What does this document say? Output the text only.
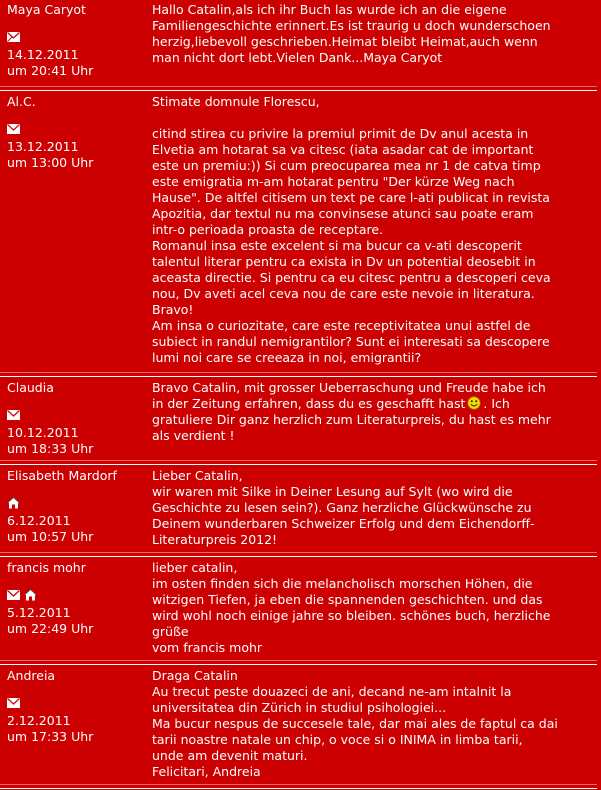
Maya Caryot
14.12.2011
um 20:41 Uhr
Hallo Catalin,als ich ihr Buch las wurde ich an die eigene
Familiengeschichte erinnert.Es ist traurig u doch wunderschoen
herzig,liebevoll geschrieben.Heimat bleibt Heimat,auch wenn
man nicht dort lebt.Vielen Dank...Maya Caryot
Al.C.
13.12.2011
um 13:00 Uhr
Stimate domnule Florescu,

citind stirea cu privire la premiul primit de Dv anul acesta in
Elvetia am hotarat sa va citesc (iata asadar cat de important
este un premiu:)) Si cum preocuparea mea nr 1 de catva timp
este emigratia m-am hotarat pentru "Der kürze Weg nach
Hause". De altfel citisem un text pe care l-ati publicat in revista
Apozitia, dar textul nu ma convinsese atunci sau poate eram
intr-o perioada proasta de receptare.
Romanul insa este excelent si ma bucur ca v-ati descoperit
talentul literar pentru ca exista in Dv un potential deosebit in
aceasta directie. Si pentru ca eu citesc pentru a descoperi ceva
nou, Dv aveti acel ceva nou de care este nevoie in literatura.
Bravo!
Am insa o curiozitate, care este receptivitatea unui astfel de
subiect in randul nemigrantilor? Sunt ei interesati sa descopere
lumi noi care se creeaza in noi, emigrantii?
Claudia
10.12.2011
um 18:33 Uhr
Bravo Catalin, mit grosser Ueberraschung und Freude habe ich
in der Zeitung erfahren, dass du es geschafft hast . Ich
gratuliere Dir ganz herzlich zum Literaturpreis, du hast es mehr
als verdient !
Elisabeth Mardorf
6.12.2011
um 10:57 Uhr
Lieber Catalin,
wir waren mit Silke in Deiner Lesung auf Sylt (wo wird die
Geschichte zu lesen sein?). Ganz herzliche Glückwünsche zu
Deinem wunderbaren Schweizer Erfolg und dem Eichendorff-
Literaturpreis 2012!
francis mohr
5.12.2011
um 22:49 Uhr
lieber catalin,
im osten finden sich die melancholisch morschen Höhen, die
witzigen Tiefen, ja eben die spannenden geschichten. und das
wird wohl noch einige jahre so bleiben. schönes buch, herzliche
grüße
vom francis mohr
Andreia
2.12.2011
um 17:33 Uhr
Draga Catalin
Au trecut peste douazeci de ani, decand ne-am intalnit la
universitatea din Zürich in studiul psihologiei...
Ma bucur nespus de succesele tale, dar mai ales de faptul ca dai
tarii noastre natale un chip, o voce si o INIMA in limba tarii,
unde am devenit maturi.
Felicitari, Andreia
